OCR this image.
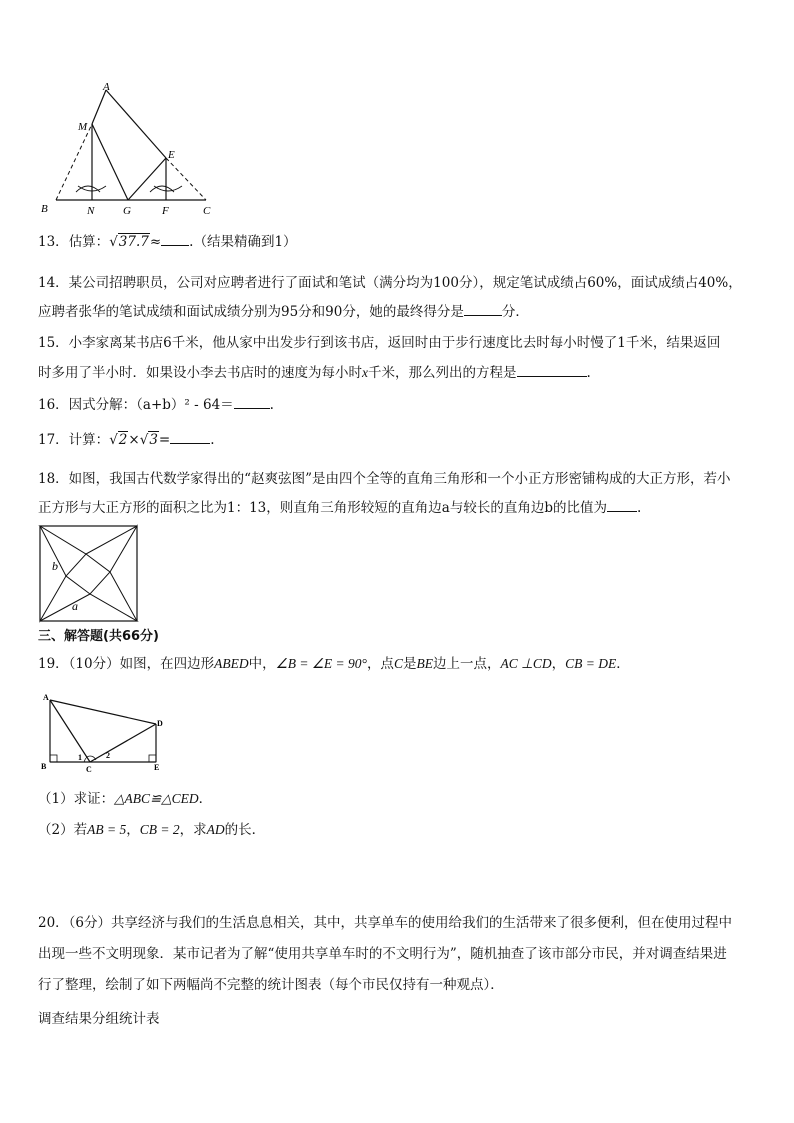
A
M
E
B	N	G	F	C
13．估算：√37.7≈ .（结果精确到1）
14．某公司招聘职员，公司对应聘者进行了面试和笔试（满分均为100分），规定笔试成绩占60%，面试成绩占40%，
应聘者张华的笔试成绩和面试成绩分别为95分和90分，她的最终得分是	分．
15．小李家离某书店6千米，他从家中出发步行到该书店，返回时由于步行速度比去时每小时慢了1千米，结果返回
时多用了半小时．如果设小李去书店时的速度为每小时x千米，那么列出的方程是	.
16．因式分解：（a+b）² - 64＝	.
17．计算：√2×√3=	.
18．如图，我国古代数学家得出的“赵爽弦图”是由四个全等的直角三角形和一个小正方形密铺构成的大正方形，若小
正方形与大正方形的面积之比为1：13，则直角三角形较短的直角边a与较长的直角边b的比值为 .
b
a
三、解答题(共66分)
19．（10分）如图，在四边形ABED中，∠B = ∠E = 90°，点C是BE边上一点，AC ⊥CD，CB = DE．
A
D
B	C	E
1	2
（1）求证：△ABC≌△CED．
（2）若AB = 5，CB = 2，求AD的长．
20．（6分）共享经济与我们的生活息息相关，其中，共享单车的使用给我们的生活带来了很多便利，但在使用过程中
出现一些不文明现象．某市记者为了解“使用共享单车时的不文明行为”，随机抽查了该市部分市民，并对调查结果进
行了整理，绘制了如下两幅尚不完整的统计图表（每个市民仅持有一种观点）．
调查结果分组统计表
